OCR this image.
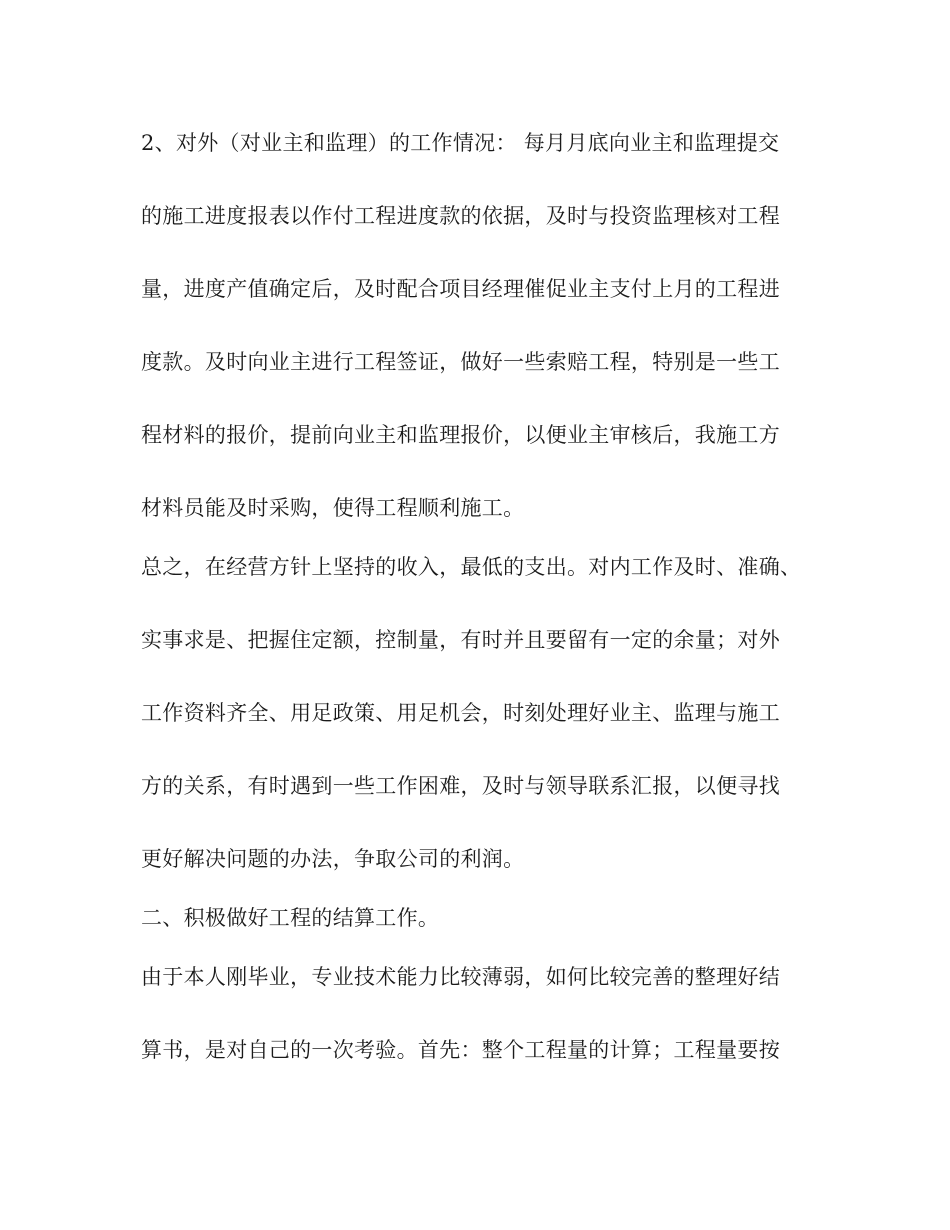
2、对外（对业主和监理）的工作情况： 每月月底向业主和监理提交

的施工进度报表以作付工程进度款的依据，及时与投资监理核对工程

量，进度产值确定后，及时配合项目经理催促业主支付上月的工程进

度款。及时向业主进行工程签证，做好一些索赔工程，特别是一些工

程材料的报价，提前向业主和监理报价，以便业主审核后，我施工方

材料员能及时采购，使得工程顺利施工。

总之，在经营方针上坚持的收入，最低的支出。对内工作及时、准确、

实事求是、把握住定额，控制量，有时并且要留有一定的余量；对外

工作资料齐全、用足政策、用足机会，时刻处理好业主、监理与施工

方的关系，有时遇到一些工作困难，及时与领导联系汇报，以便寻找

更好解决问题的办法，争取公司的利润。

二、积极做好工程的结算工作。

由于本人刚毕业，专业技术能力比较薄弱，如何比较完善的整理好结

算书，是对自己的一次考验。首先：整个工程量的计算；工程量要按
